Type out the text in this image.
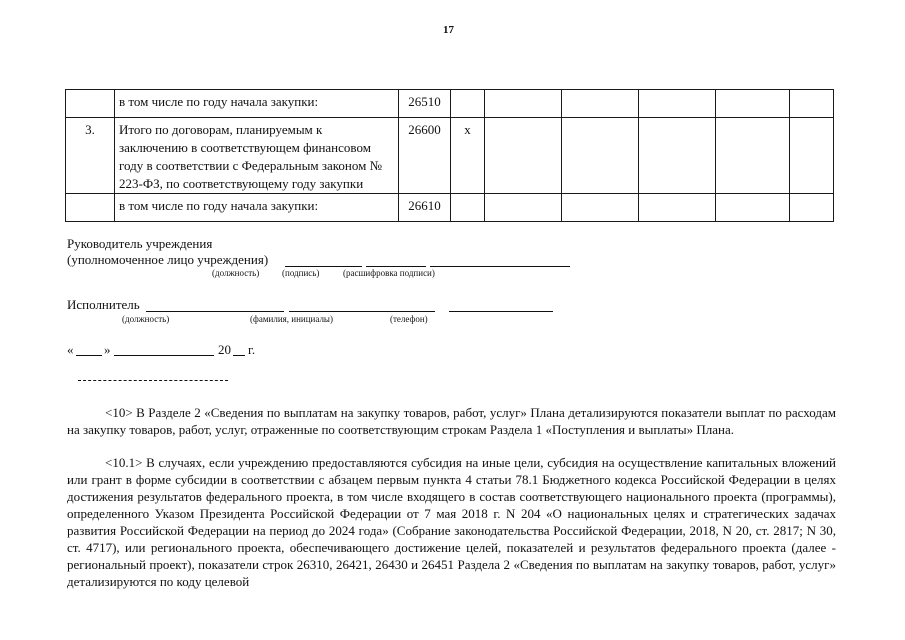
17
	в том числе по году начала закупки:	26510						
3.	Итого по договорам, планируемым к заключению в соответствующем финансовом году в соответствии с Федеральным законом № 223-ФЗ, по соответствующему году закупки	26600	x					
	в том числе по году начала закупки:	26610						
Руководитель учреждения
(уполномоченное лицо учреждения)
(должность)	(подпись)	(расшифровка подписи)
Исполнитель
(должность)	(фамилия, инициалы)	(телефон)
« »	20 г.

<10> В Разделе 2 «Сведения по выплатам на закупку товаров, работ, услуг» Плана детализируются показатели выплат по расходам на закупку товаров, работ, услуг, отраженные по соответствующим строкам Раздела 1 «Поступления и выплаты» Плана.

<10.1> В случаях, если учреждению предоставляются субсидия на иные цели, субсидия на осуществление капитальных вложений или грант в форме субсидии в соответствии с абзацем первым пункта 4 статьи 78.1 Бюджетного кодекса Российской Федерации в целях достижения результатов федерального проекта, в том числе входящего в состав соответствующего национального проекта (программы), определенного Указом Президента Российской Федерации от 7 мая 2018 г. N 204 «О национальных целях и стратегических задачах развития Российской Федерации на период до 2024 года» (Собрание законодательства Российской Федерации, 2018, N 20, ст. 2817; N 30, ст. 4717), или регионального проекта, обеспечивающего достижение целей, показателей и результатов федерального проекта (далее - региональный проект), показатели строк 26310, 26421, 26430 и 26451 Раздела 2 «Сведения по выплатам на закупку товаров, работ, услуг» детализируются по коду целевой
